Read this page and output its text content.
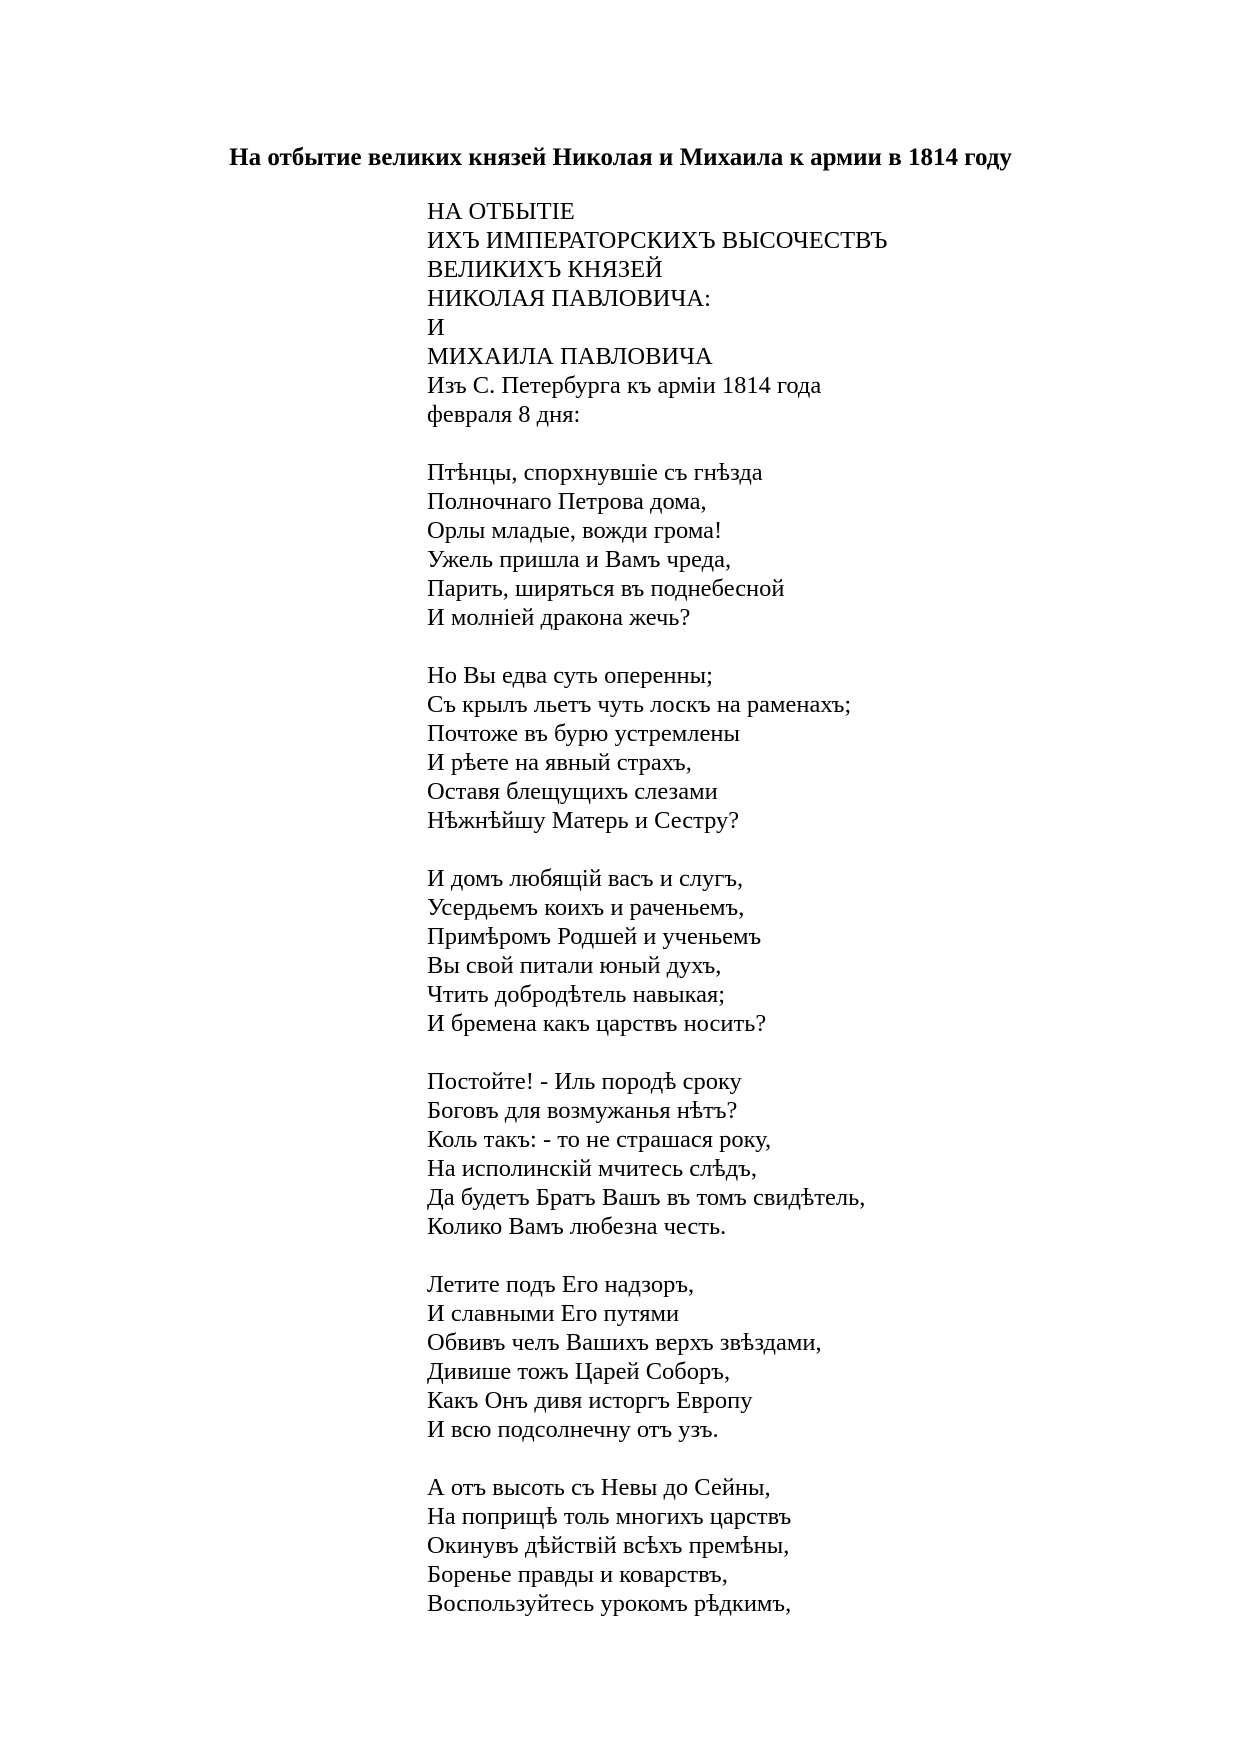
На отбытие великих князей Николая и Михаила к армии в 1814 году
НА ОТБЫТІЕ
ИХЪ ИМПЕРАТОРСКИХЪ ВЫСОЧЕСТВЪ
ВЕЛИКИХЪ КНЯЗЕЙ
НИКОЛАЯ ПАВЛОВИЧА:
И
МИХАИЛА ПАВЛОВИЧА
Изъ С. Петербурга къ арміи 1814 года
февраля 8 дня:
Птѣнцы, спорхнувшіе съ гнѣзда
Полночнаго Петрова дома,
Орлы младые, вожди грома!
Ужель пришла и Вамъ чреда,
Парить, ширяться въ поднебесной
И молніей дракона жечь?
Но Вы едва суть оперенны;
Съ крылъ льетъ чуть лоскъ на раменахъ;
Почтоже въ бурю устремлены
И рѣете на явный страхъ,
Оставя блещущихъ слезами
Нѣжнѣйшу Матерь и Сестру?
И домъ любящій васъ и слугъ,
Усердьемъ коихъ и раченьемъ,
Примѣромъ Родшей и ученьемъ
Вы свой питали юный духъ,
Чтить добродѣтель навыкая;
И бремена какъ царствъ носить?
Постойте! - Иль породѣ сроку
Боговъ для возмужанья нѣтъ?
Коль такъ: - то не страшася року,
На исполинскій мчитесь слѣдъ,
Да будетъ Братъ Вашъ въ томъ свидѣтель,
Колико Вамъ любезна честь.
Летите подъ Его надзоръ,
И славными Его путями
Обвивъ челъ Вашихъ верхъ звѣздами,
Дивише тожъ Царей Соборъ,
Какъ Онъ дивя исторгъ Европу
И всю подсолнечну отъ узъ.
А отъ высоть съ Невы до Сейны,
На поприщѣ толь многихъ царствъ
Окинувъ дѣйствій всѣхъ премѣны,
Боренье правды и коварствъ,
Воспользуйтесь урокомъ рѣдкимъ,
